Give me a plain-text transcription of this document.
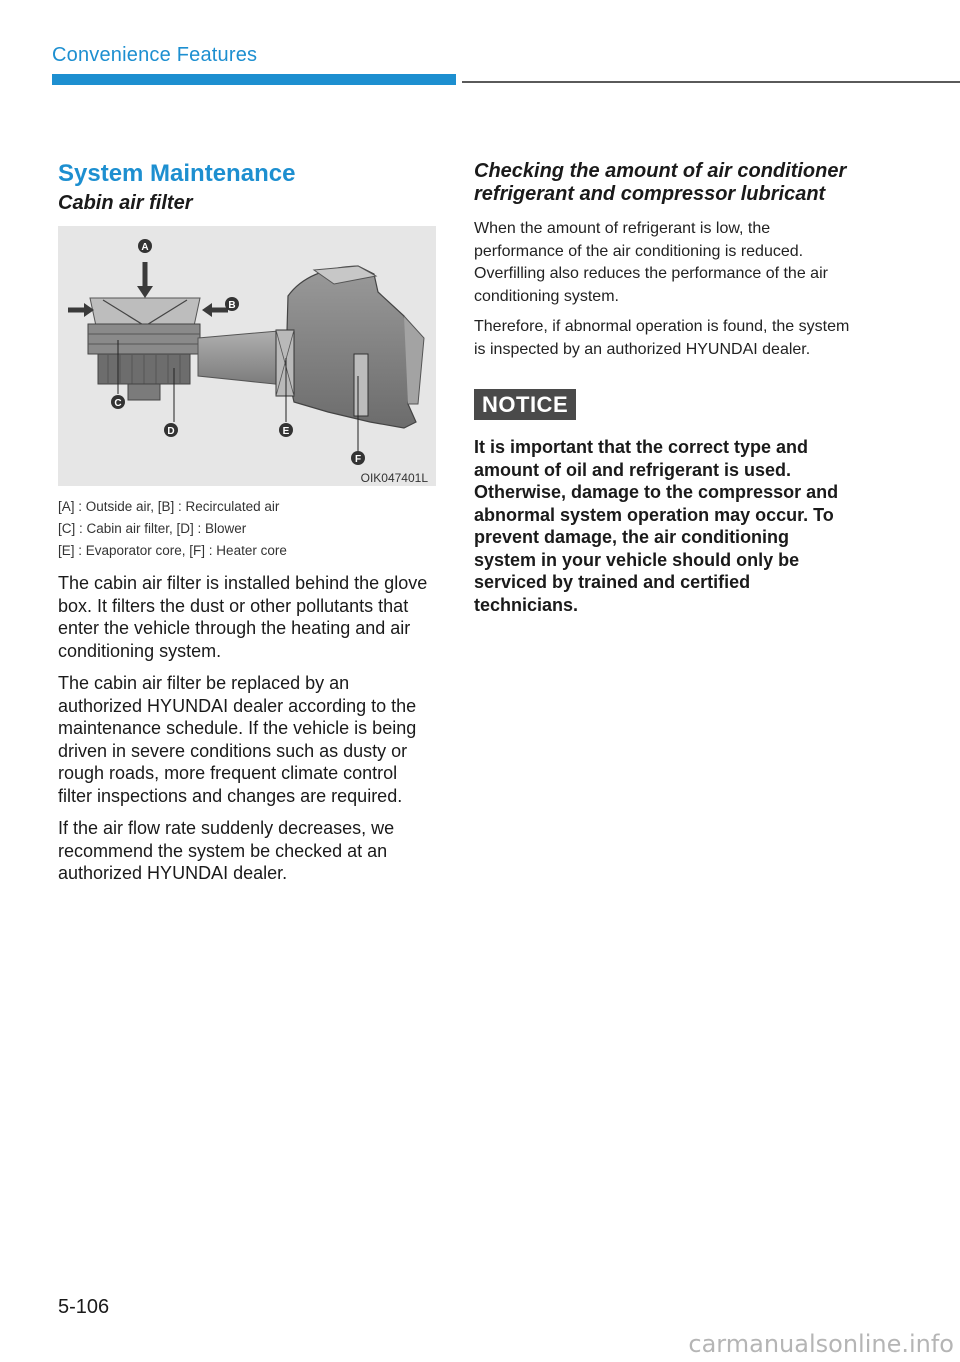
Convenience Features
System Maintenance
Cabin air filter
A
B
C
D	E
F
OIK047401L
[A] : Outside air, [B] : Recirculated air
[C] : Cabin air filter, [D] : Blower
[E] : Evaporator core, [F] : Heater core

The cabin air filter is installed behind the glove box. It filters the dust or other pollutants that enter the vehicle through the heating and air conditioning system.

The cabin air filter be replaced by an authorized HYUNDAI dealer according to the maintenance schedule. If the vehicle is being driven in severe conditions such as dusty or rough roads, more frequent climate control filter inspections and changes are required.

If the air flow rate suddenly decreases, we recommend the system be checked at an authorized HYUNDAI dealer.

Checking the amount of air conditioner refrigerant and compressor lubricant

When the amount of refrigerant is low, the performance of the air conditioning is reduced. Overfilling also reduces the performance of the air conditioning system.

Therefore, if abnormal operation is found, the system is inspected by an authorized HYUNDAI dealer.

NOTICE
It is important that the correct type and amount of oil and refrigerant is used. Otherwise, damage to the compressor and abnormal system operation may occur. To prevent damage, the air conditioning system in your vehicle should only be serviced by trained and certified technicians.
5-106
carmanualsonline.info
